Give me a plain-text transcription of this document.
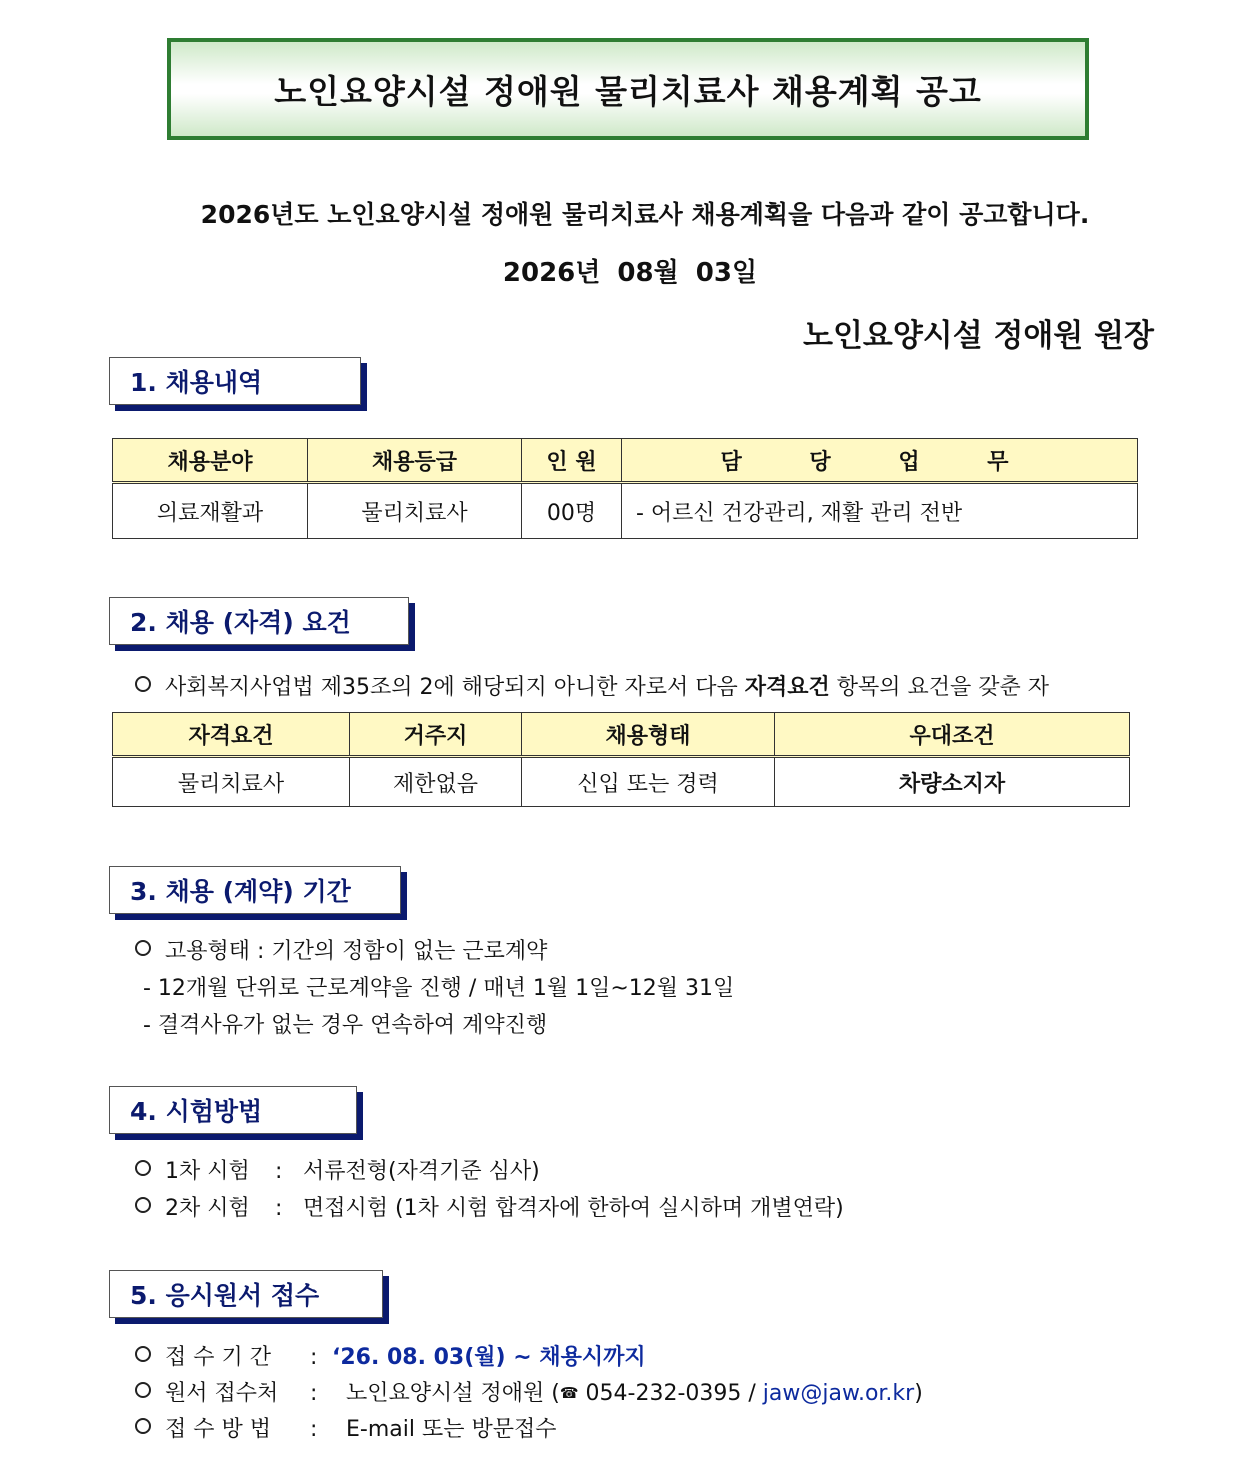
노인요양시설 정애원 물리치료사 채용계획 공고
2026년도 노인요양시설 정애원 물리치료사 채용계획을 다음과 같이 공고합니다.
2026년 08월 03일
노인요양시설 정애원 원장
1. 채용내역
채용분야	채용등급	인 원	담 당 업 무
의료재활과	물리치료사	00명	- 어르신 건강관리, 재활 관리 전반
2. 채용 (자격) 요건
사회복지사업법 제35조의 2에 해당되지 아니한 자로서 다음 자격요건 항목의 요건을 갖춘 자
자격요건	거주지	채용형태	우대조건
물리치료사	제한없음	신입 또는 경력	차량소지자
3. 채용 (계약) 기간
고용형태 : 기간의 정함이 없는 근로계약
- 12개월 단위로 근로계약을 진행 / 매년 1월 1일~12월 31일
- 결격사유가 없는 경우 연속하여 계약진행
4. 시험방법
1차 시험 : 서류전형(자격기준 심사)
2차 시험 : 면접시험 (1차 시험 합격자에 한하여 실시하며 개별연락)
5. 응시원서 접수
접 수 기 간 : ‘26. 08. 03(월) ~ 채용시까지
원서 접수처 : 노인요양시설 정애원 (☎ 054-232-0395 / jaw@jaw.or.kr)
접 수 방 법 : E-mail 또는 방문접수
